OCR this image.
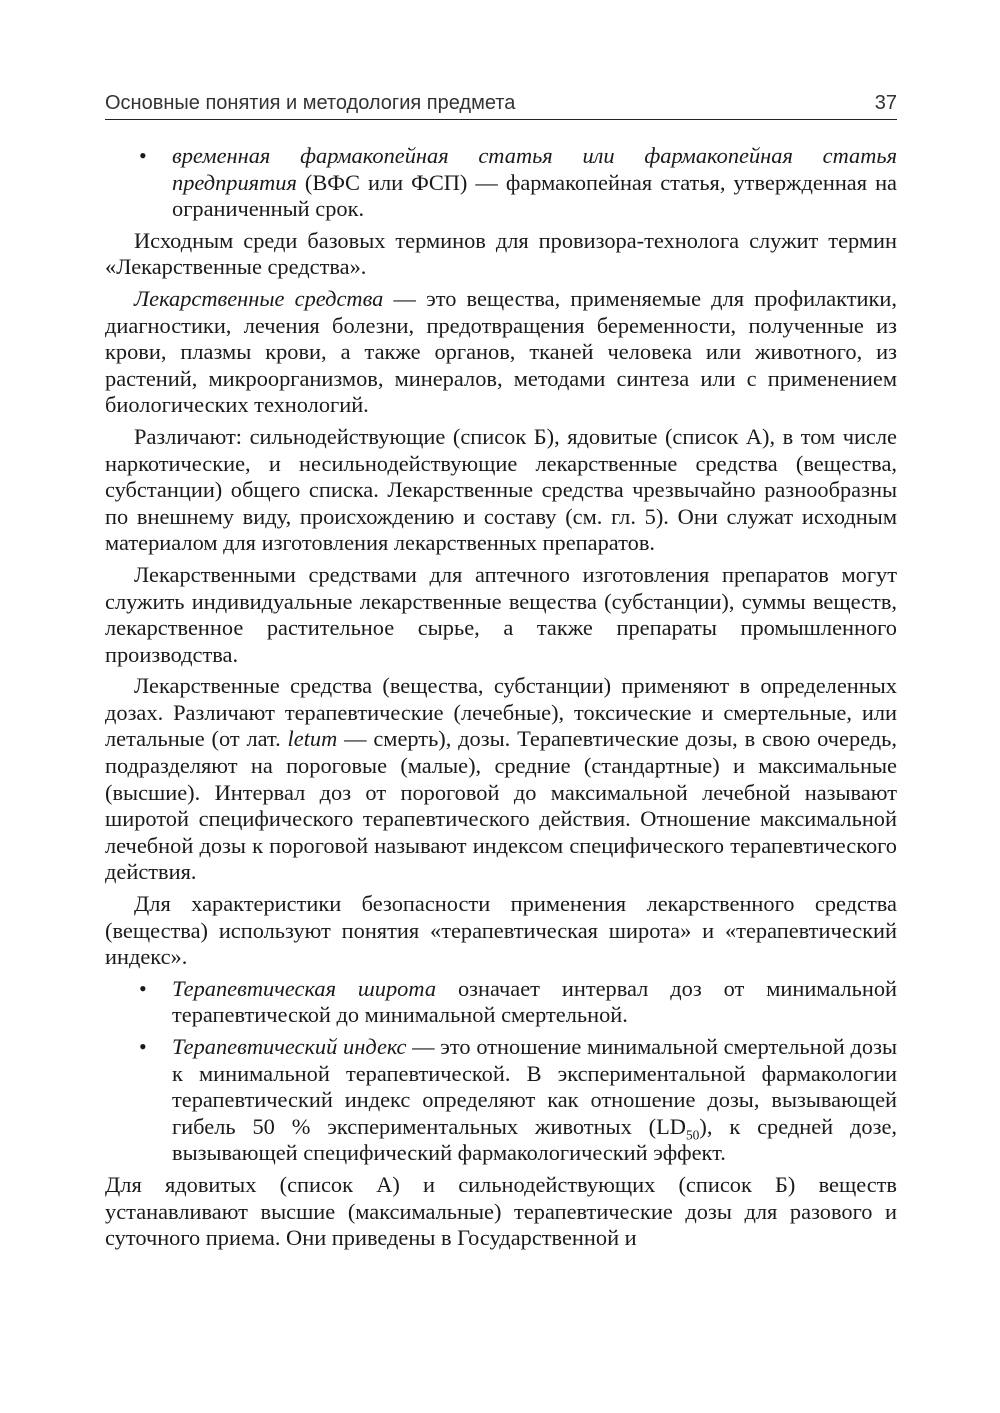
Основные понятия и методология предмета	37
• временная фармакопейная статья или фармакопейная статья предприятия (ВФС или ФСП) — фармакопейная статья, утвержденная на ограниченный срок.

Исходным среди базовых терминов для провизора-технолога служит термин «Лекарственные средства».

Лекарственные средства — это вещества, применяемые для профилактики, диагностики, лечения болезни, предотвращения беременности, полученные из крови, плазмы крови, а также органов, тканей человека или животного, из растений, микроорганизмов, минералов, методами синтеза или с применением биологических технологий.

Различают: сильнодействующие (список Б), ядовитые (список А), в том числе наркотические, и несильнодействующие лекарственные средства (вещества, субстанции) общего списка. Лекарственные средства чрезвычайно разнообразны по внешнему виду, происхождению и составу (см. гл. 5). Они служат исходным материалом для изготовления лекарственных препаратов.

Лекарственными средствами для аптечного изготовления препаратов могут служить индивидуальные лекарственные вещества (субстанции), суммы веществ, лекарственное растительное сырье, а также препараты промышленного производства.

Лекарственные средства (вещества, субстанции) применяют в определенных дозах. Различают терапевтические (лечебные), токсические и смертельные, или летальные (от лат. letum — смерть), дозы. Терапевтические дозы, в свою очередь, подразделяют на пороговые (малые), средние (стандартные) и максимальные (высшие). Интервал доз от пороговой до максимальной лечебной называют широтой специфического терапевтического действия. Отношение максимальной лечебной дозы к пороговой называют индексом специфического терапевтического действия.

Для характеристики безопасности применения лекарственного средства (вещества) используют понятия «терапевтическая широта» и «терапевтический индекс».

• Терапевтическая широта означает интервал доз от минимальной терапевтической до минимальной смертельной.
• Терапевтический индекс — это отношение минимальной смертельной дозы к минимальной терапевтической. В экспериментальной фармакологии терапевтический индекс определяют как отношение дозы, вызывающей гибель 50 % экспериментальных животных $(LD_{50})$, к средней дозе, вызывающей специфический фармакологический эффект.

Для ядовитых (список А) и сильнодействующих (список Б) веществ устанавливают высшие (максимальные) терапевтические дозы для разового и суточного приема. Они приведены в Государственной и
